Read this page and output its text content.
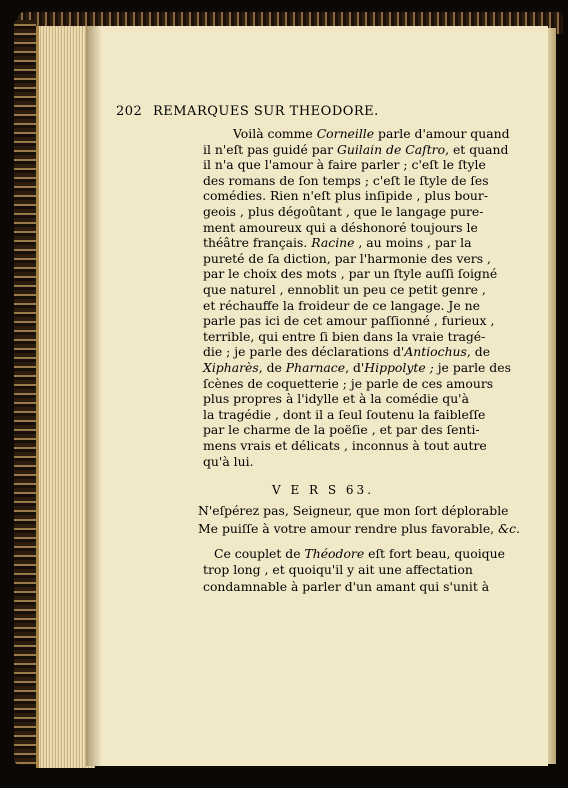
202 REMARQUES SUR THEODORE.
Voilà comme Corneille parle d'amour quand
il n'eſt pas guidé par Guilain de Caſtro, et quand
il n'a que l'amour à faire parler ; c'eſt le ſtyle
des romans de ſon temps ; c'eſt le ſtyle de ſes
comédies. Rien n'eſt plus inſipide , plus bour-
geois , plus dégoûtant , que le langage pure-
ment amoureux qui a déshonoré toujours le
théâtre français. Racine , au moins , par la
pureté de ſa diction, par l'harmonie des vers ,
par le choix des mots , par un ſtyle auſſi ſoigné
que naturel , ennoblit un peu ce petit genre ,
et réchauffe la froideur de ce langage. Je ne
parle pas ici de cet amour paſſionné , furieux ,
terrible, qui entre ſi bien dans la vraie tragé-
die ; je parle des déclarations d'Antiochus, de
Xipharès, de Pharnace, d'Hippolyte ; je parle des
ſcènes de coquetterie ; je parle de ces amours
plus propres à l'idylle et à la comédie qu'à
la tragédie , dont il a ſeul ſoutenu la faibleſſe
par le charme de la poëſie , et par des ſenti-
mens vrais et délicats , inconnus à tout autre
qu'à lui.
V E R S 63.
N'eſpérez pas, Seigneur, que mon ſort déplorable
Me puiſſe à votre amour rendre plus favorable, &c.
Ce couplet de Théodore eſt fort beau, quoique
trop long , et quoiqu'il y ait une affectation
condamnable à parler d'un amant qui s'unit à
